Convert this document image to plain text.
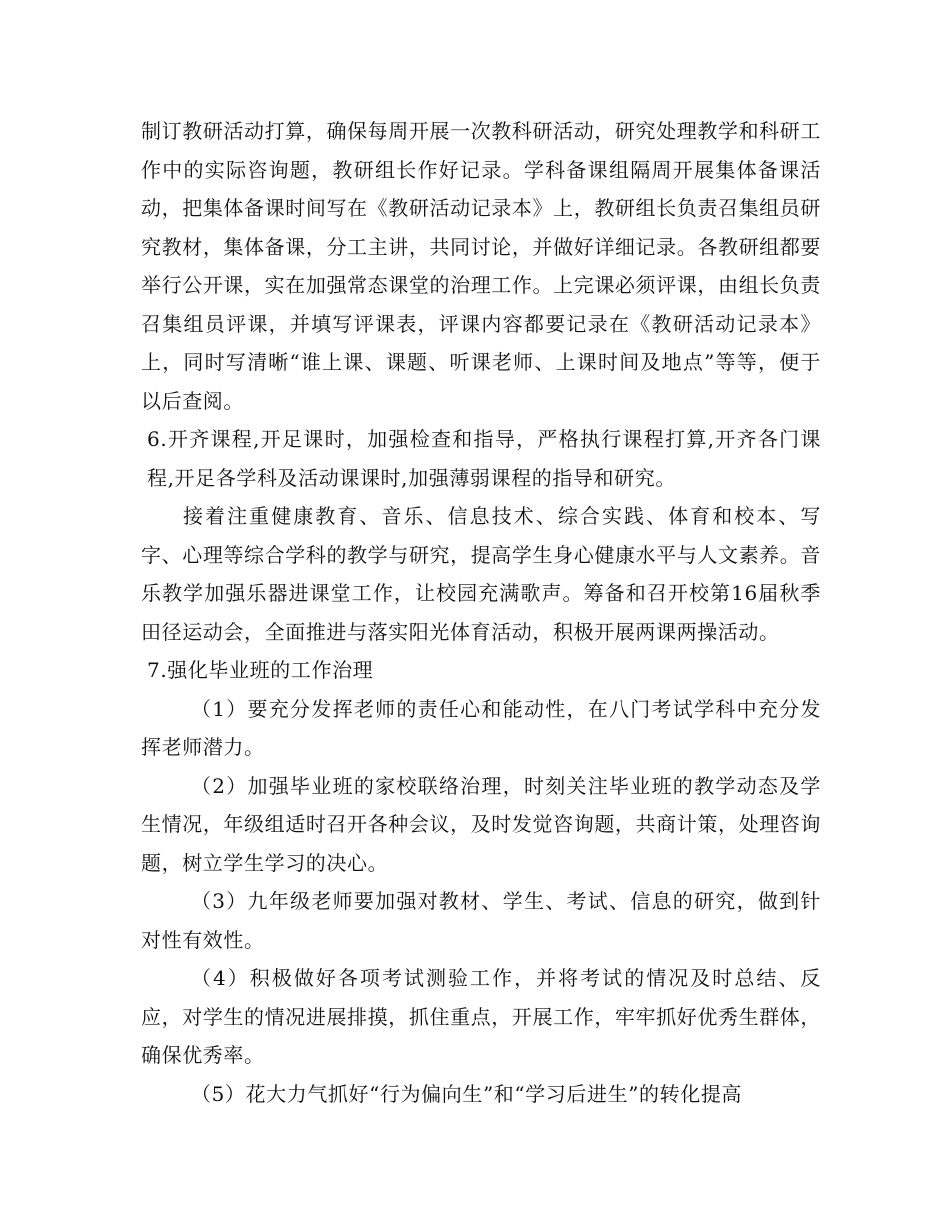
制订教研活动打算，确保每周开展一次教科研活动，研究处理教学和科研工作中的实际咨询题，教研组长作好记录。学科备课组隔周开展集体备课活动，把集体备课时间写在《教研活动记录本》上，教研组长负责召集组员研究教材，集体备课，分工主讲，共同讨论，并做好详细记录。各教研组都要举行公开课，实在加强常态课堂的治理工作。上完课必须评课，由组长负责召集组员评课，并填写评课表，评课内容都要记录在《教研活动记录本》上，同时写清晰“谁上课、课题、听课老师、上课时间及地点”等等，便于以后查阅。

6.开齐课程,开足课时，加强检查和指导，严格执行课程打算,开齐各门课程,开足各学科及活动课课时,加强薄弱课程的指导和研究。

接着注重健康教育、音乐、信息技术、综合实践、体育和校本、写字、心理等综合学科的教学与研究，提高学生身心健康水平与人文素养。音乐教学加强乐器进课堂工作，让校园充满歌声。筹备和召开校第16届秋季田径运动会，全面推进与落实阳光体育活动，积极开展两课两操活动。

7.强化毕业班的工作治理

（1）要充分发挥老师的责任心和能动性，在八门考试学科中充分发挥老师潜力。

（2）加强毕业班的家校联络治理，时刻关注毕业班的教学动态及学生情况，年级组适时召开各种会议，及时发觉咨询题，共商计策，处理咨询题，树立学生学习的决心。

（3）九年级老师要加强对教材、学生、考试、信息的研究，做到针对性有效性。

（4）积极做好各项考试测验工作，并将考试的情况及时总结、反应，对学生的情况进展排摸，抓住重点，开展工作，牢牢抓好优秀生群体，确保优秀率。

（5）花大力气抓好“行为偏向生”和“学习后进生”的转化提高
